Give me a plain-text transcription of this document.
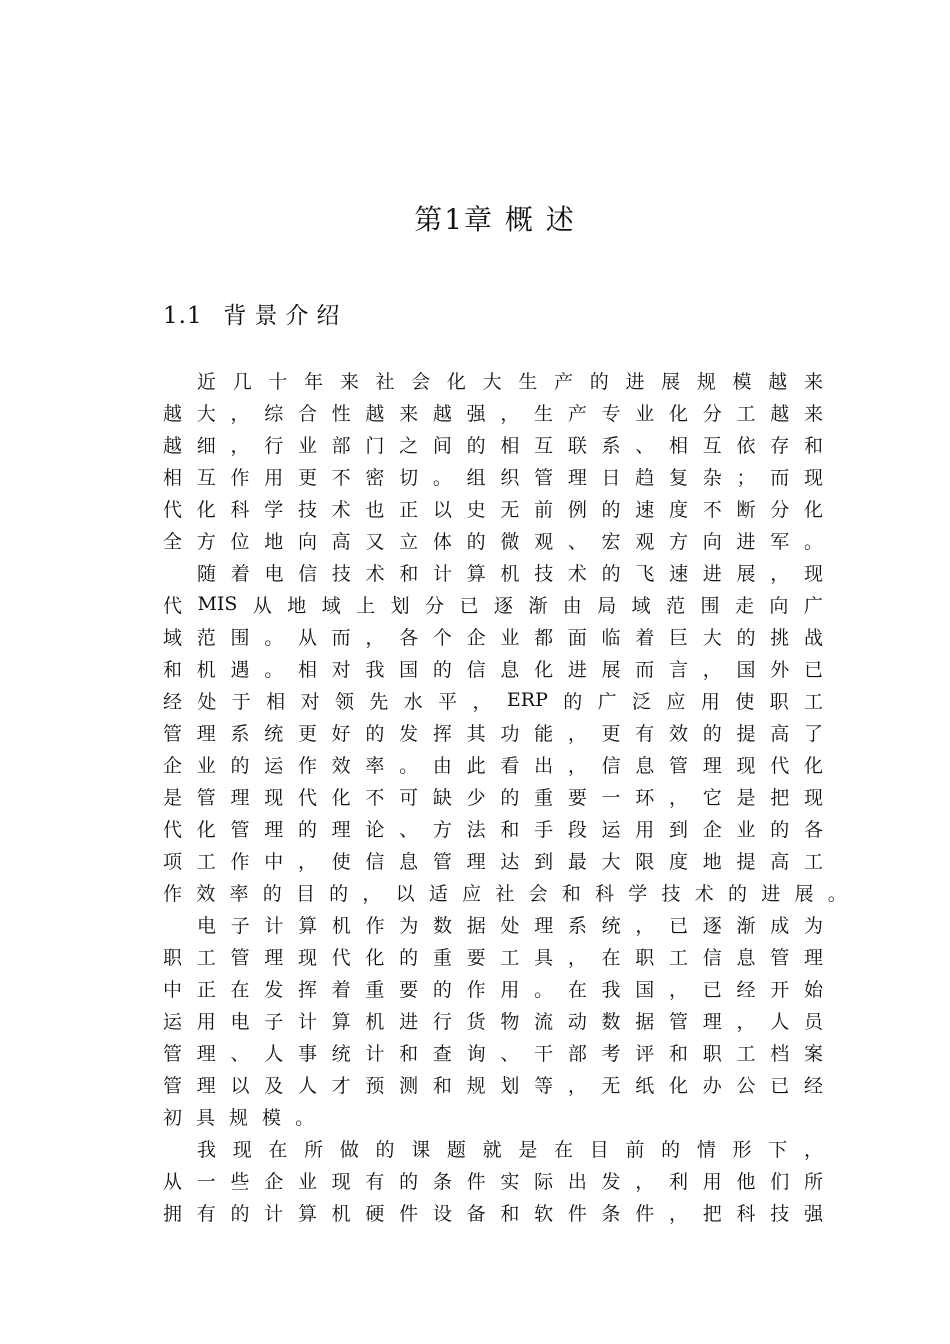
第1章 概 述
1.1 背景介绍
近 几 十 年 来 社 会 化 大 生 产 的 进 展 规 模 越 来
越 大 ， 综 合 性 越 来 越 强 ， 生 产 专 业 化 分 工 越 来
越 细 ， 行 业 部 门 之 间 的 相 互 联 系 、 相 互 依 存 和
相 互 作 用 更 不 密 切 。 组 织 管 理 日 趋 复 杂 ； 而 现
代 化 科 学 技 术 也 正 以 史 无 前 例 的 速 度 不 断 分 化
全 方 位 地 向 高 又 立 体 的 微 观 、 宏 观 方 向 进 军 。
随 着 电 信 技 术 和 计 算 机 技 术 的 飞 速 进 展 ， 现
代 MIS 从 地 域 上 划 分 已 逐 渐 由 局 域 范 围 走 向 广
域 范 围 。 从 而 ， 各 个 企 业 都 面 临 着 巨 大 的 挑 战
和 机 遇 。 相 对 我 国 的 信 息 化 进 展 而 言 ， 国 外 已
经 处 于 相 对 领 先 水 平 ， ERP 的 广 泛 应 用 使 职 工
管 理 系 统 更 好 的 发 挥 其 功 能 ， 更 有 效 的 提 高 了
企 业 的 运 作 效 率 。 由 此 看 出 ， 信 息 管 理 现 代 化
是 管 理 现 代 化 不 可 缺 少 的 重 要 一 环 ， 它 是 把 现
代 化 管 理 的 理 论 、 方 法 和 手 段 运 用 到 企 业 的 各
项 工 作 中 ， 使 信 息 管 理 达 到 最 大 限 度 地 提 高 工
作 效 率 的 目 的 ， 以 适 应 社 会 和 科 学 技 术 的 进 展 。
电 子 计 算 机 作 为 数 据 处 理 系 统 ， 已 逐 渐 成 为
职 工 管 理 现 代 化 的 重 要 工 具 ， 在 职 工 信 息 管 理
中 正 在 发 挥 着 重 要 的 作 用 。 在 我 国 ， 已 经 开 始
运 用 电 子 计 算 机 进 行 货 物 流 动 数 据 管 理 ， 人 员
管 理 、 人 事 统 计 和 查 询 、 干 部 考 评 和 职 工 档 案
管 理 以 及 人 才 预 测 和 规 划 等 ， 无 纸 化 办 公 已 经
初 具 规 模 。
我 现 在 所 做 的 课 题 就 是 在 目 前 的 情 形 下 ，
从 一 些 企 业 现 有 的 条 件 实 际 出 发 ， 利 用 他 们 所
拥 有 的 计 算 机 硬 件 设 备 和 软 件 条 件 ， 把 科 技 强
